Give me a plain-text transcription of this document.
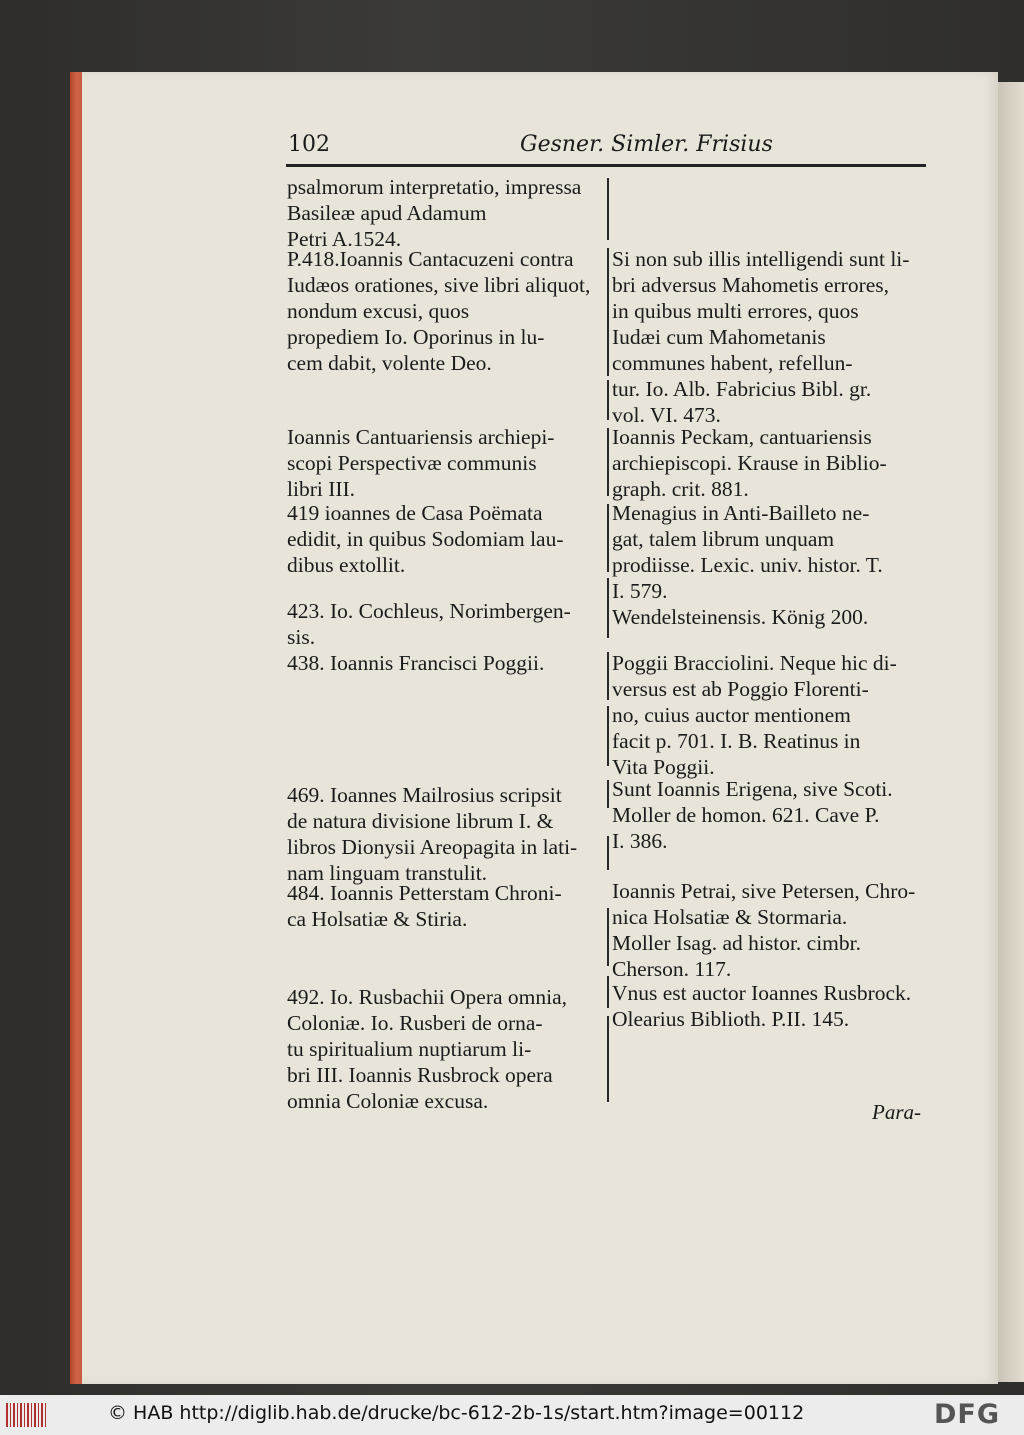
102	Gesner. Simler. Frisius
psalmorum interpretatio, impressa Basileæ apud Adamum
Petri A.1524.
P.418.Ioannis Cantacuzeni contra
Iudæos orationes, sive libri aliquot, nondum excusi, quos
propediem Io. Oporinus in lu-
cem dabit, volente Deo.
Ioannis Cantuariensis archiepi-
scopi Perspectivæ communis
libri III.
419 ioannes de Casa Poëmata
edidit, in quibus Sodomiam lau-
dibus extollit.
423. Io. Cochleus, Norimbergen-
sis.
438. Ioannis Francisci Poggii.
469. Ioannes Mailrosius scripsit
de natura divisione librum I. &
libros Dionysii Areopagita in lati-
nam linguam transtulit.
484. Ioannis Petterstam Chroni-
ca Holsatiæ & Stiria.
492. Io. Rusbachii Opera omnia,
Coloniæ. Io. Rusberi de orna-
tu spiritualium nuptiarum li-
bri III. Ioannis Rusbrock opera omnia Coloniæ excusa.
Si non sub illis intelligendi sunt li-
bri adversus Mahometis errores,
in quibus multi errores, quos
Iudæi cum Mahometanis
communes habent, refellun-
tur. Io. Alb. Fabricius Bibl. gr.
vol. VI. 473.
Ioannis Peckam, cantuariensis
archiepiscopi. Krause in Biblio-
graph. crit. 881.
Menagius in Anti-Bailleto ne-
gat, talem librum unquam
prodiisse. Lexic. univ. histor. T.
I. 579.
Wendelsteinensis. König 200.
Poggii Bracciolini. Neque hic di-
versus est ab Poggio Florenti-
no, cuius auctor mentionem
facit p. 701. I. B. Reatinus in
Vita Poggii.
Sunt Ioannis Erigena, sive Scoti.
Moller de homon. 621. Cave P.
I. 386.
Ioannis Petrai, sive Petersen, Chro-
nica Holsatiæ & Stormaria.
Moller Isag. ad histor. cimbr.
Cherson. 117.
Vnus est auctor Ioannes Rusbrock.
Olearius Biblioth. P.II. 145.
Para-
© HAB http://diglib.hab.de/drucke/bc-612-2b-1s/start.htm?image=00112	DFG
